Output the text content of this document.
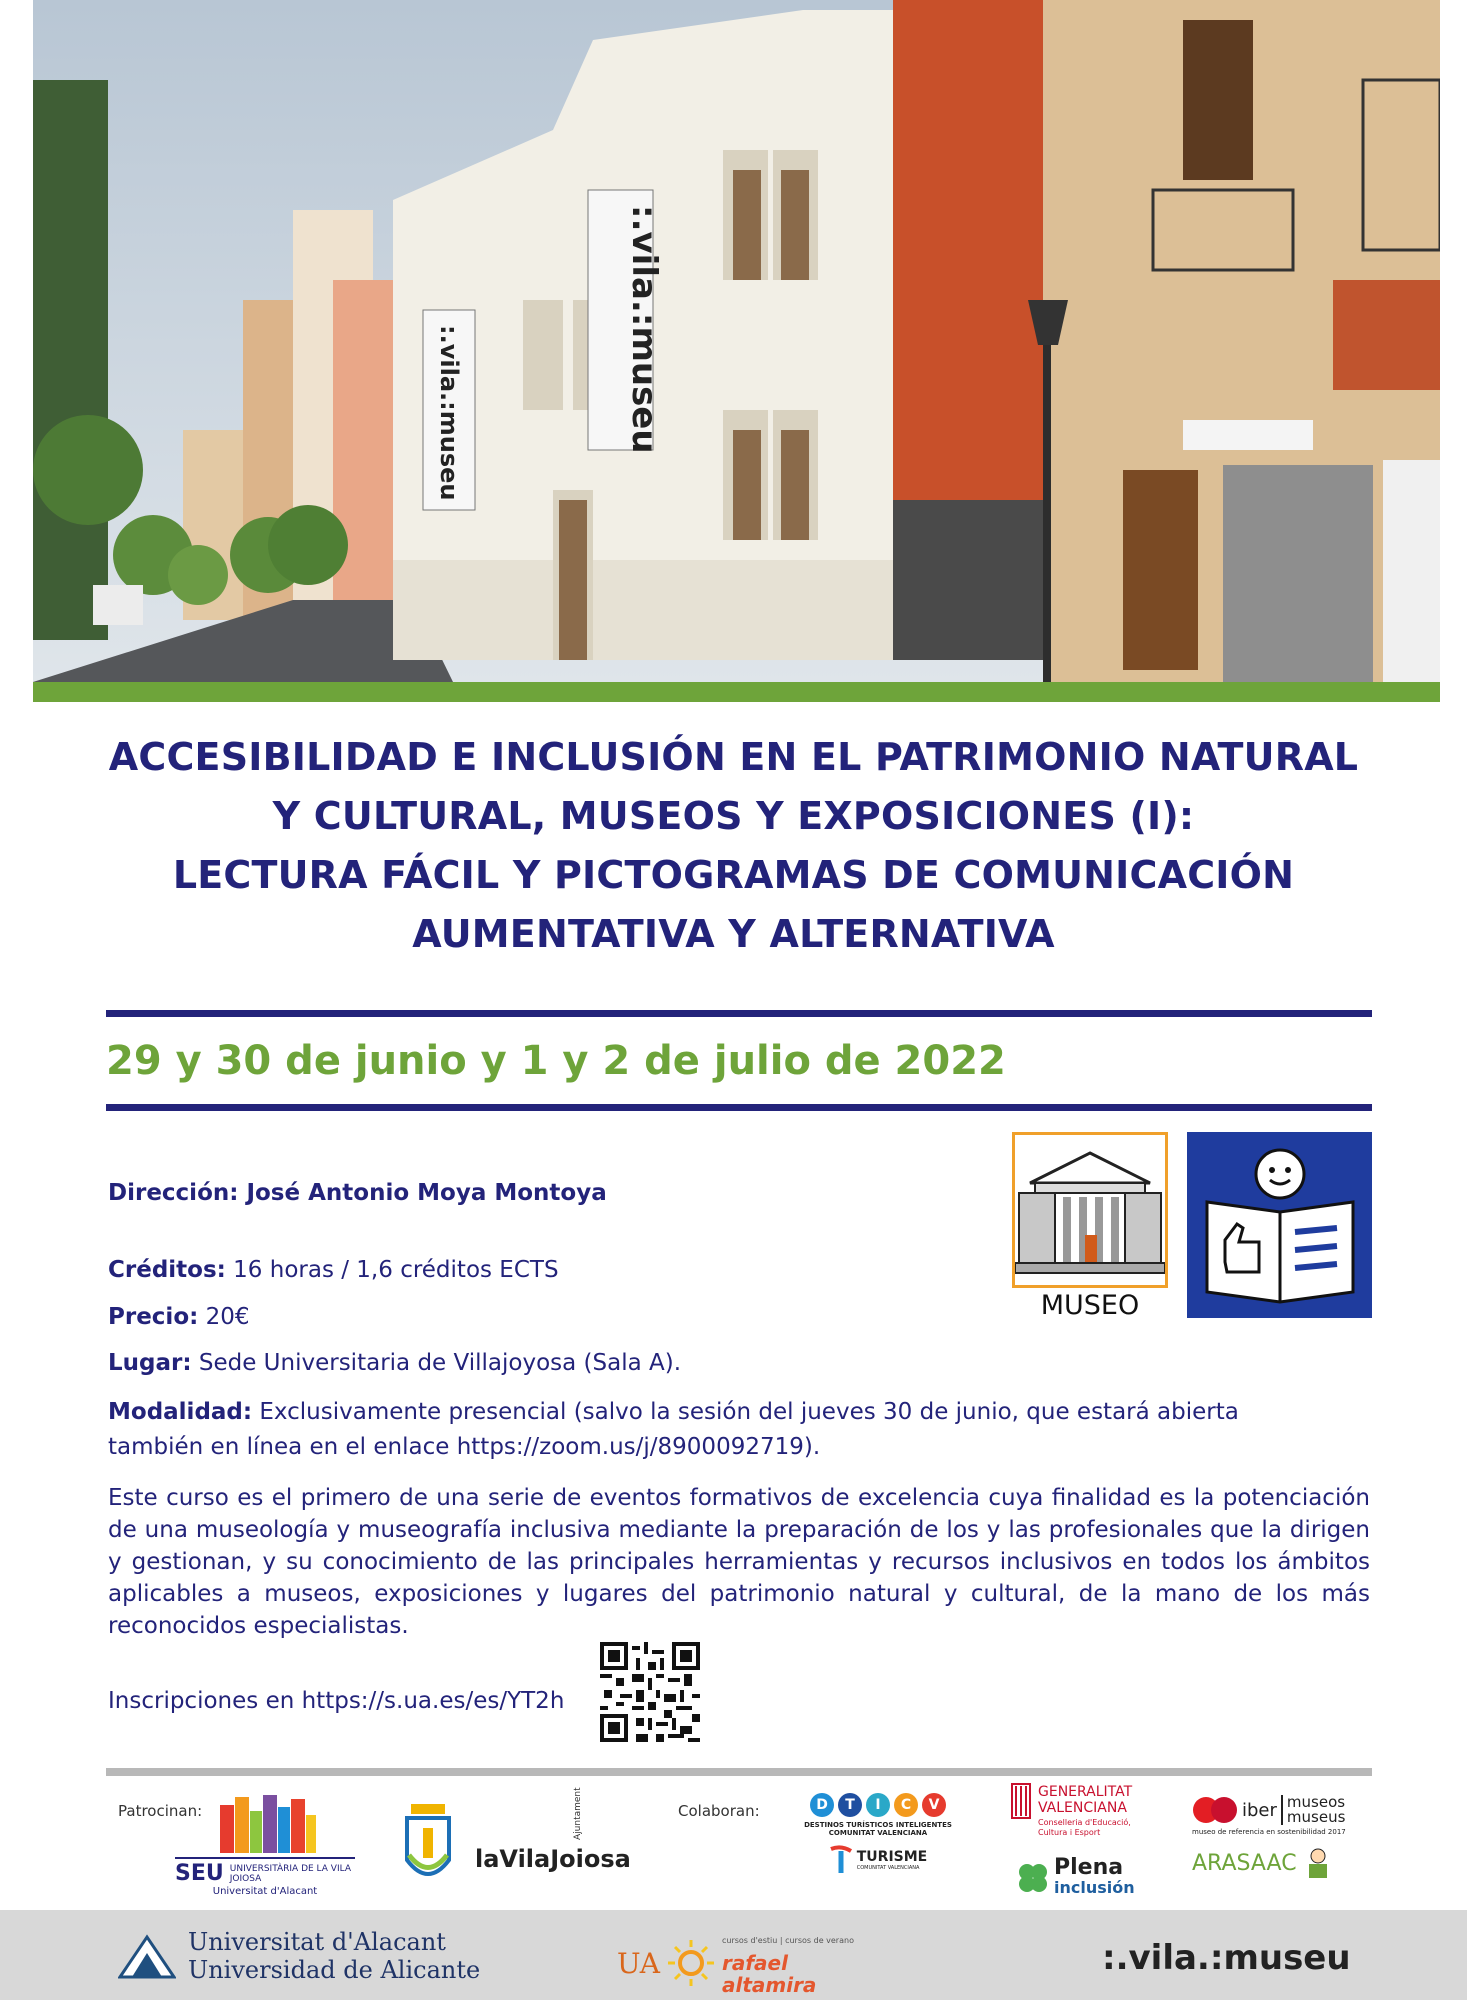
:.vila.:museu
:.vila.:museu
ACCESIBILIDAD E INCLUSIÓN EN EL PATRIMONIO NATURAL
Y CULTURAL, MUSEOS Y EXPOSICIONES (I):
LECTURA FÁCIL Y PICTOGRAMAS DE COMUNICACIÓN
AUMENTATIVA Y ALTERNATIVA
29 y 30 de junio y 1 y 2 de julio de 2022
Dirección: José Antonio Moya Montoya
Créditos: 16 horas / 1,6 créditos ECTS
Precio: 20€
Lugar: Sede Universitaria de Villajoyosa (Sala A).
Modalidad: Exclusivamente presencial (salvo la sesión del jueves 30 de junio, que estará abierta
también en línea en el enlace https://zoom.us/j/8900092719).
MUSEO
Este curso es el primero de una serie de eventos formativos de excelencia cuya finalidad es la potenciación de una museología y museografía inclusiva mediante la preparación de los y las profesionales que la dirigen y gestionan, y su conocimiento de las principales herramientas y recursos inclusivos en todos los ámbitos aplicables a museos, exposiciones y lugares del patrimonio natural y cultural, de la mano de los más reconocidos especialistas.
Inscripciones en https://s.ua.es/es/YT2h
Patrocinan:
SEU UNIVERSITÀRIA DE LA VILA JOIOSA
Universitat d'Alacant
Ajuntament
laVilaJoiosa
Colaboran:	D	T	I	C	V
DESTINOS TURÍSTICOS INTELIGENTES
COMUNITAT VALENCIANA
TURISME
COMUNITAT VALENCIANA
GENERALITAT
VALENCIANA
Conselleria d'Educació,
Cultura i Esport
Plena
inclusión
iber museos
museus
museo de referencia en sostenibilidad 2017
ARASAAC
Universitat d'Alacant
Universidad de Alicante	UA
cursos d'estiu | cursos de verano
rafael
altamira
:.vila.:museu
